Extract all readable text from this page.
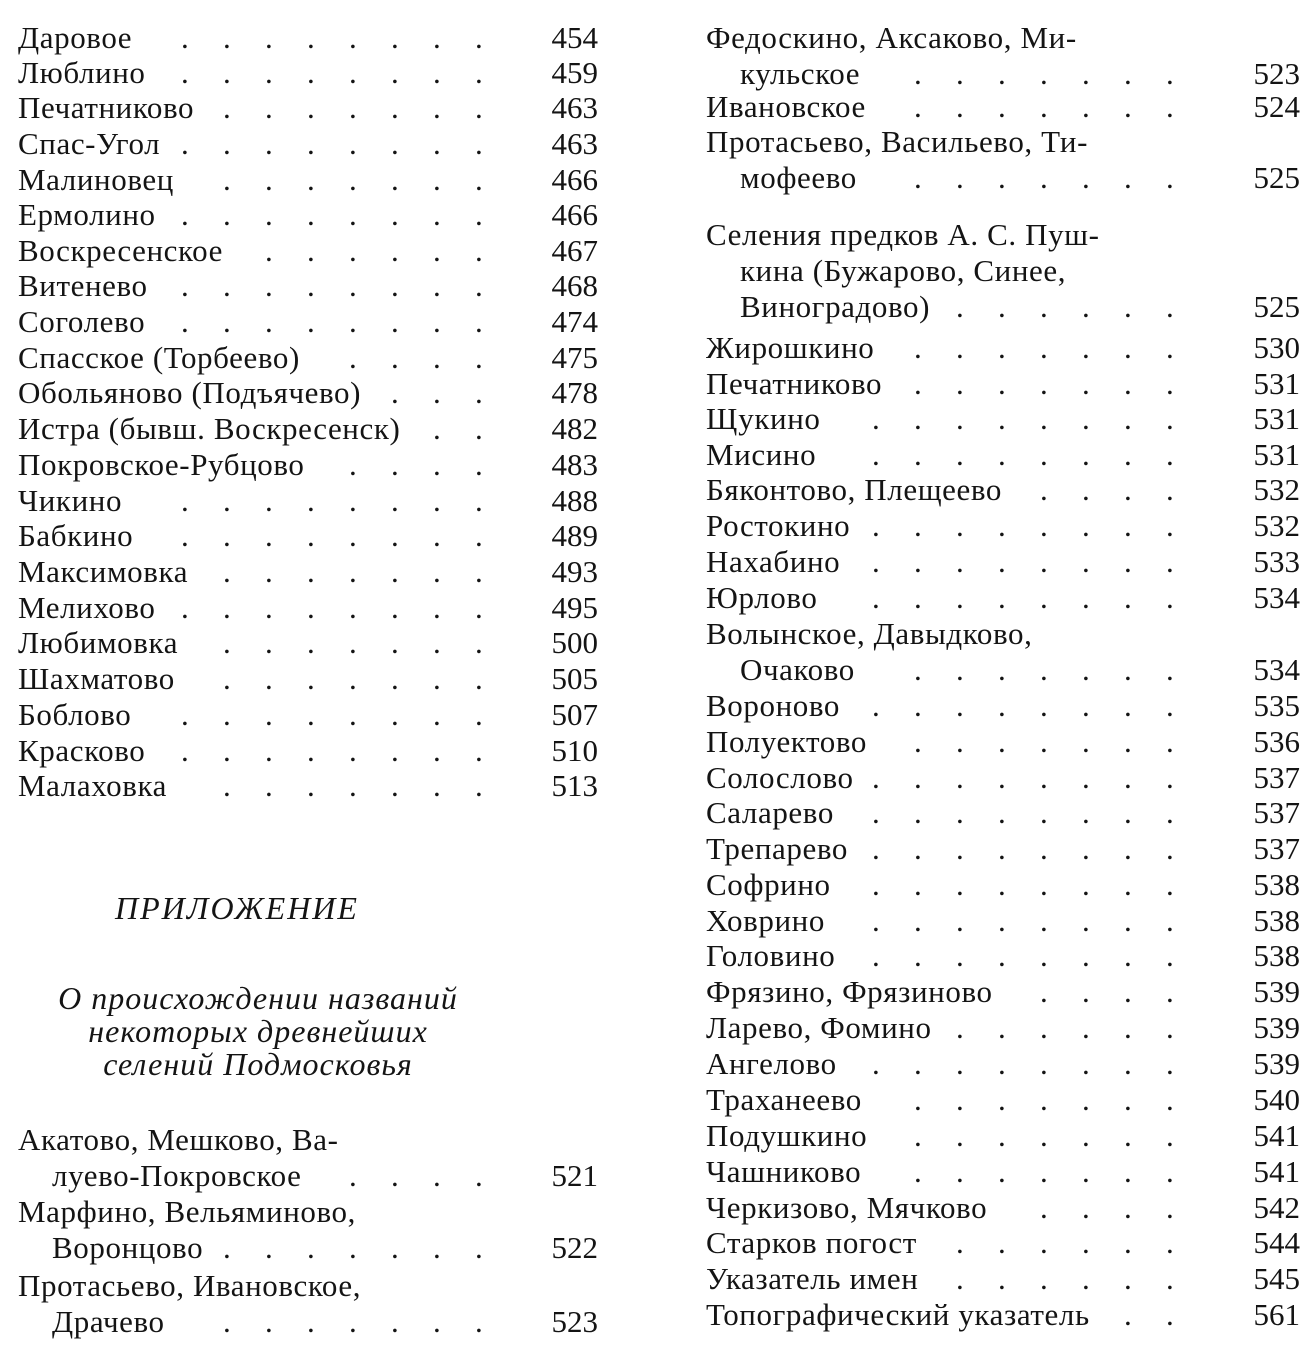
Даровое . . . . . . . . 454
Люблино . . . . . . . . 459
Печатниково . . . . . . . 463
Спас-Угол . . . . . . . . 463
Малиновец . . . . . . . 466
Ермолино . . . . . . . . 466
Воскресенское . . . . . . 467
Витенево . . . . . . . . 468
Соголево . . . . . . . . 474
Спасское (Торбеево) . . . . 475
Обольяново (Подъячево) . . . 478
Истра (бывш. Воскресенск) . . 482
Покровское-Рубцово . . . . 483
Чикино . . . . . . . . 488
Бабкино . . . . . . . . 489
Максимовка . . . . . . . 493
Мелихово . . . . . . . . 495
Любимовка . . . . . . . 500
Шахматово . . . . . . . 505
Боблово . . . . . . . . 507
Красково . . . . . . . . 510
Малаховка . . . . . . . 513
Акатово, Мешково, Ва-
луево-Покровское	. . . . 521
Марфино, Вельяминово,
Воронцово . . . . . . . 522
Протасьево, Ивановское,
Драчево	. . . . . . . 523
Федоскино, Аксаково, Ми-
кульское	. . . . . . .	523
Ивановское . . . . . . .	524
Протасьево, Васильево, Ти-
мофеево	. . . . . . .	525
Селения предков А. С. Пуш-
кина (Бужарово, Синее,
Виноградово) . . . . . .	525
Жирошкино . . . . . . .	530
Печатниково . . . . . . .	531
Щукино . . . . . . . .	531
Мисино . . . . . . . .	531
Бяконтово, Плещеево . . . .	532
Ростокино . . . . . . . .	532
Нахабино . . . . . . . .	533
Юрлово . . . . . . . .	534
Волынское, Давыдково,
Очаково	. . . . . . .	534
Вороново . . . . . . . .	535
Полуектово . . . . . . .	536
Солослово . . . . . . . .	537
Саларево . . . . . . . .	537
Трепарево . . . . . . . .	537
Софрино . . . . . . . .	538
Ховрино . . . . . . . .	538
Головино . . . . . . . .	538
Фрязино, Фрязиново . . . .	539
Ларево, Фомино . . . . . .	539
Ангелово . . . . . . . .	539
Траханеево . . . . . . .	540
Подушкино . . . . . . .	541
Чашниково . . . . . . .	541
Черкизово, Мячково . . . .	542
Старков погост . . . . . .	544
Указатель имен . . . . . .	545
Топографический указатель . .	561
ПРИЛОЖЕНИЕ
О происхождении названий
некоторых древнейших
селений Подмосковья
